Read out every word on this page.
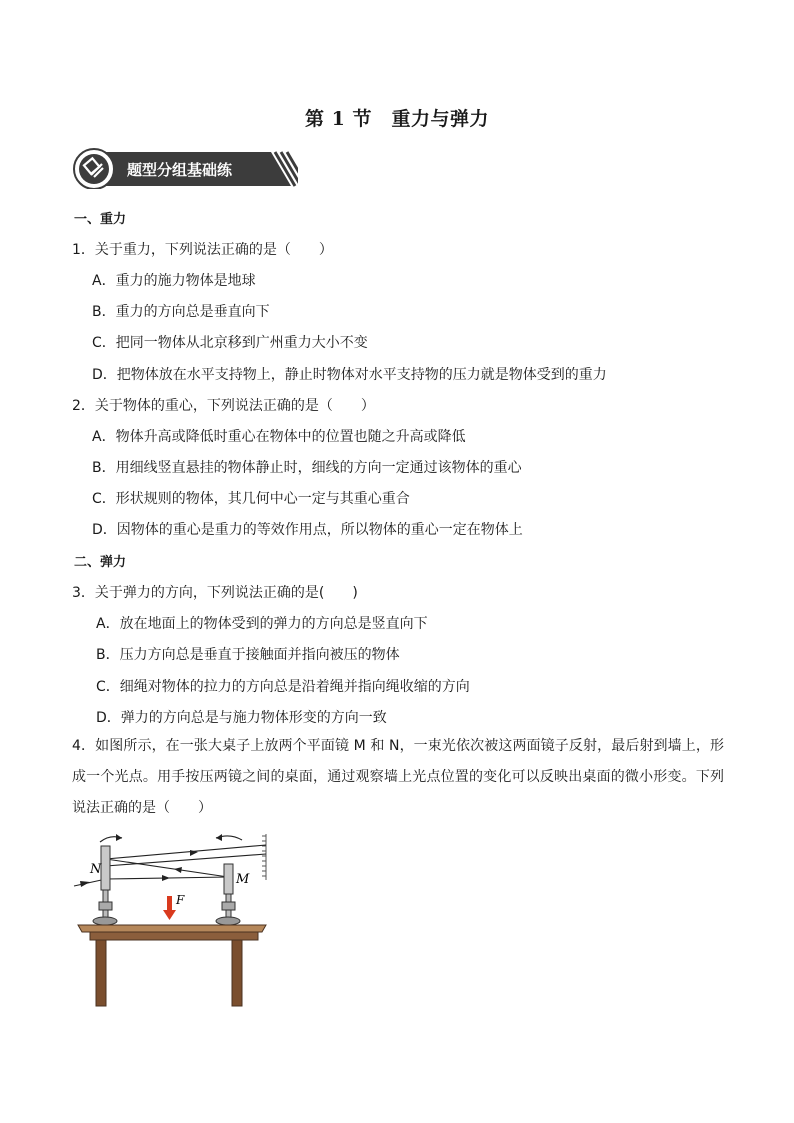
第 1 节　重力与弹力
题型分组基础练
一、重力
1．关于重力，下列说法正确的是（　　）
A．重力的施力物体是地球
B．重力的方向总是垂直向下
C．把同一物体从北京移到广州重力大小不变
D．把物体放在水平支持物上，静止时物体对水平支持物的压力就是物体受到的重力
2．关于物体的重心，下列说法正确的是（　　）
A．物体升高或降低时重心在物体中的位置也随之升高或降低
B．用细线竖直悬挂的物体静止时，细线的方向一定通过该物体的重心
C．形状规则的物体，其几何中心一定与其重心重合
D．因物体的重心是重力的等效作用点，所以物体的重心一定在物体上
二、弹力
3．关于弹力的方向，下列说法正确的是(　　)
A．放在地面上的物体受到的弹力的方向总是竖直向下
B．压力方向总是垂直于接触面并指向被压的物体
C．细绳对物体的拉力的方向总是沿着绳并指向绳收缩的方向
D．弹力的方向总是与施力物体形变的方向一致
4．如图所示，在一张大桌子上放两个平面镜 M 和 N，一束光依次被这两面镜子反射，最后射到墙上，形成一个光点。用手按压两镜之间的桌面，通过观察墙上光点位置的变化可以反映出桌面的微小形变。下列说法正确的是（　　）
N
M
F
